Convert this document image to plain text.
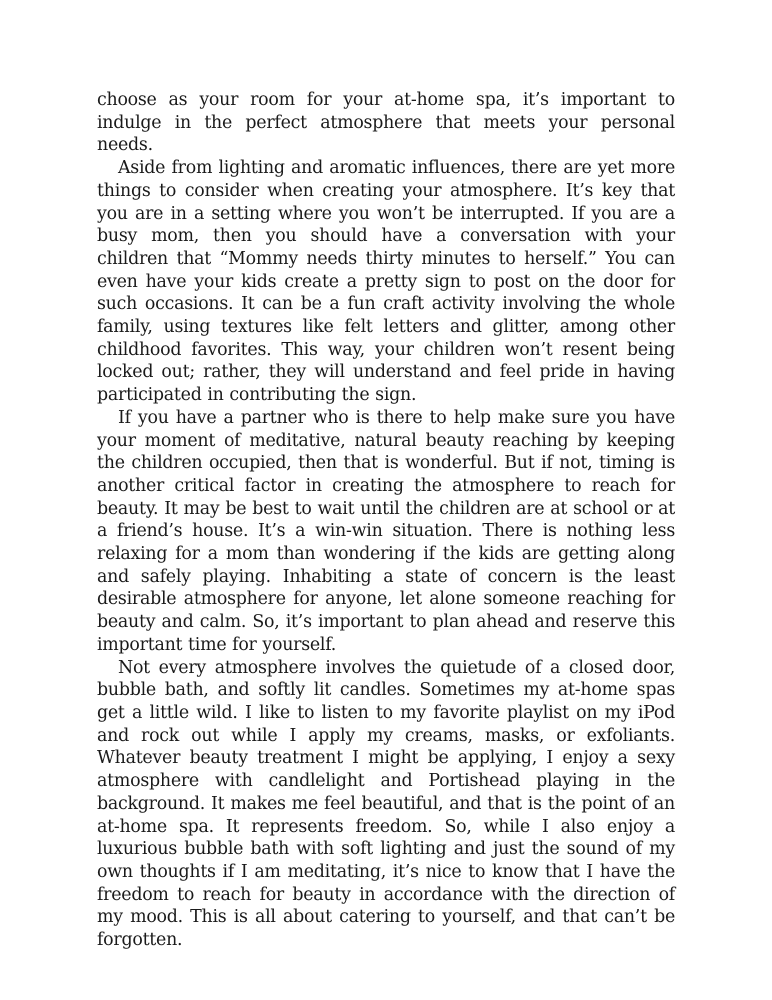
choose as your room for your at-home spa, it’s important to indulge in the perfect atmosphere that meets your personal needs.

Aside from lighting and aromatic influences, there are yet more things to consider when creating your atmosphere. It’s key that you are in a setting where you won’t be interrupted. If you are a busy mom, then you should have a conversation with your children that “Mommy needs thirty minutes to herself.” You can even have your kids create a pretty sign to post on the door for such occasions. It can be a fun craft activity involving the whole family, using textures like felt letters and glitter, among other childhood favorites. This way, your children won’t resent being locked out; rather, they will understand and feel pride in having participated in contributing the sign.

If you have a partner who is there to help make sure you have your moment of meditative, natural beauty reaching by keeping the children occupied, then that is wonderful. But if not, timing is another critical factor in creating the atmosphere to reach for beauty. It may be best to wait until the children are at school or at a friend’s house. It’s a win-win situation. There is nothing less relaxing for a mom than wondering if the kids are getting along and safely playing. Inhabiting a state of concern is the least desirable atmosphere for anyone, let alone someone reaching for beauty and calm. So, it’s important to plan ahead and reserve this important time for yourself.

Not every atmosphere involves the quietude of a closed door, bubble bath, and softly lit candles. Sometimes my at-home spas get a little wild. I like to listen to my favorite playlist on my iPod and rock out while I apply my creams, masks, or exfoliants. Whatever beauty treatment I might be applying, I enjoy a sexy atmosphere with candlelight and Portishead playing in the background. It makes me feel beautiful, and that is the point of an at-home spa. It represents freedom. So, while I also enjoy a luxurious bubble bath with soft lighting and just the sound of my own thoughts if I am meditating, it’s nice to know that I have the freedom to reach for beauty in accordance with the direction of my mood. This is all about catering to yourself, and that can’t be forgotten.
